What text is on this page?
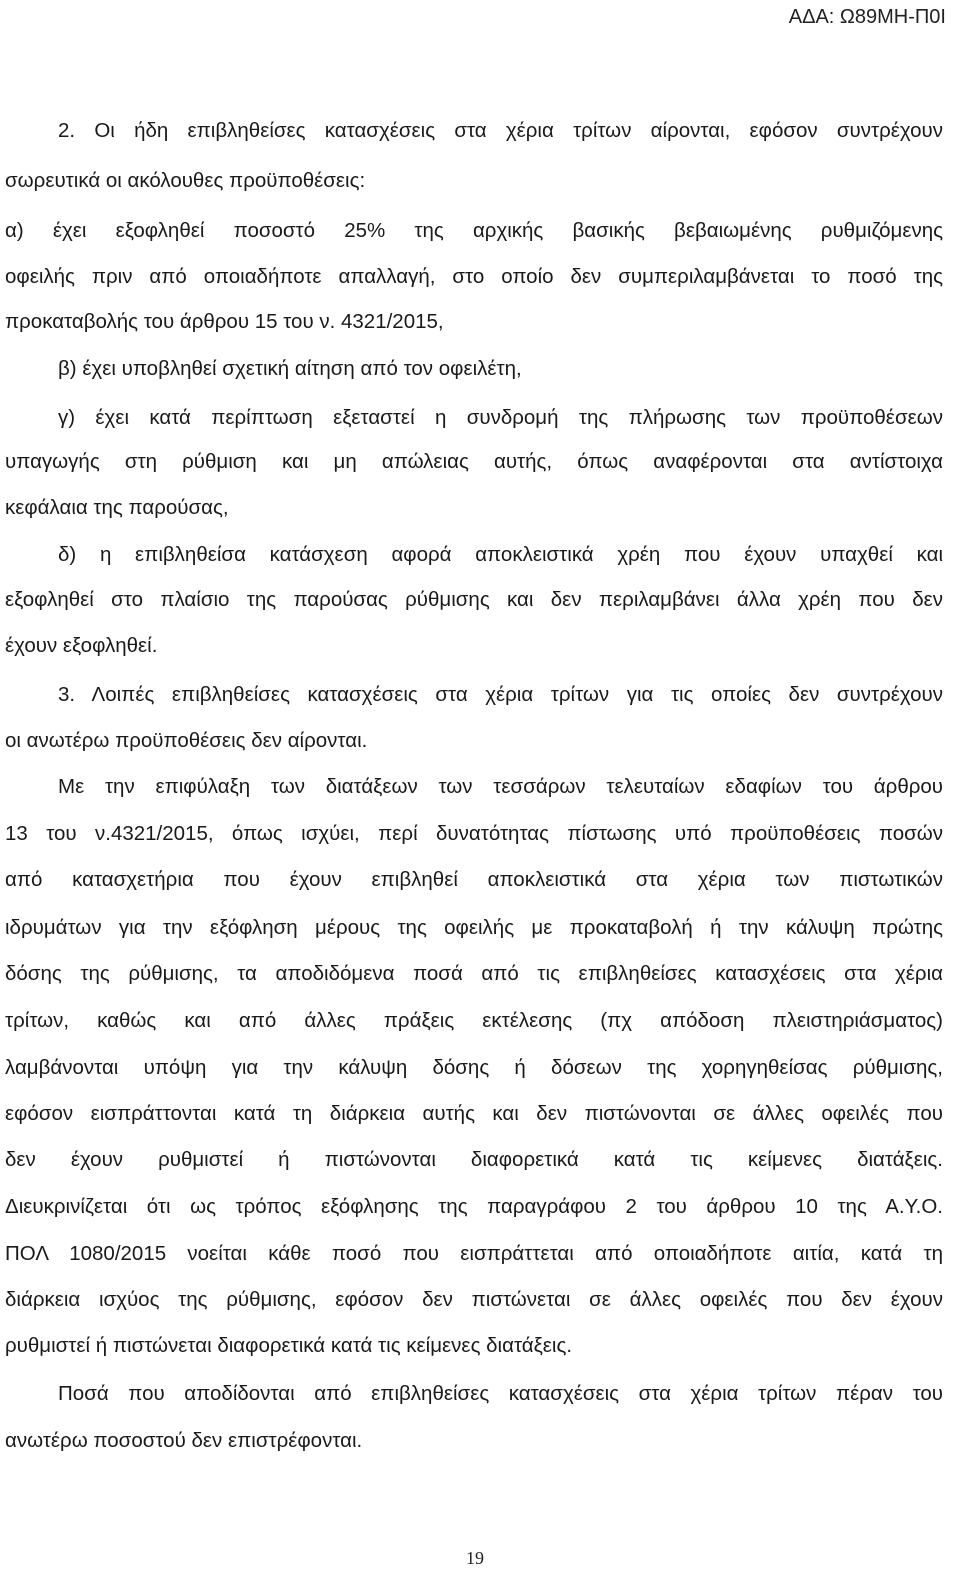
ΑΔΑ: Ω89ΜΗ-Π0Ι
2. Οι ήδη επιβληθείσες κατασχέσεις στα χέρια τρίτων αίρονται, εφόσον συντρέχουν
σωρευτικά οι ακόλουθες προϋποθέσεις:
α) έχει εξοφληθεί ποσοστό 25% της αρχικής βασικής βεβαιωμένης ρυθμιζόμενης
οφειλής πριν από οποιαδήποτε απαλλαγή, στο οποίο δεν συμπεριλαμβάνεται το ποσό της
προκαταβολής του άρθρου 15 του ν. 4321/2015,
β) έχει υποβληθεί σχετική αίτηση από τον οφειλέτη,
γ) έχει κατά περίπτωση εξεταστεί η συνδρομή της πλήρωσης των προϋποθέσεων
υπαγωγής στη ρύθμιση και μη απώλειας αυτής, όπως αναφέρονται στα αντίστοιχα
κεφάλαια της παρούσας,
δ) η επιβληθείσα κατάσχεση αφορά αποκλειστικά χρέη που έχουν υπαχθεί και
εξοφληθεί στο πλαίσιο της παρούσας ρύθμισης και δεν περιλαμβάνει άλλα χρέη που δεν
έχουν εξοφληθεί.
3. Λοιπές επιβληθείσες κατασχέσεις στα χέρια τρίτων για τις οποίες δεν συντρέχουν
οι ανωτέρω προϋποθέσεις δεν αίρονται.
Με την επιφύλαξη των διατάξεων των τεσσάρων τελευταίων εδαφίων του άρθρου
13 του ν.4321/2015, όπως ισχύει, περί δυνατότητας πίστωσης υπό προϋποθέσεις ποσών
από κατασχετήρια που έχουν επιβληθεί αποκλειστικά στα χέρια των πιστωτικών
ιδρυμάτων για την εξόφληση μέρους της οφειλής με προκαταβολή ή την κάλυψη πρώτης
δόσης της ρύθμισης, τα αποδιδόμενα ποσά από τις επιβληθείσες κατασχέσεις στα χέρια
τρίτων, καθώς και από άλλες πράξεις εκτέλεσης (πχ απόδοση πλειστηριάσματος)
λαμβάνονται υπόψη για την κάλυψη δόσης ή δόσεων της χορηγηθείσας ρύθμισης,
εφόσον εισπράττονται κατά τη διάρκεια αυτής και δεν πιστώνονται σε άλλες οφειλές που
δεν έχουν ρυθμιστεί ή πιστώνονται διαφορετικά κατά τις κείμενες διατάξεις.
Διευκρινίζεται ότι ως τρόπος εξόφλησης της παραγράφου 2 του άρθρου 10 της Α.Υ.Ο.
ΠΟΛ 1080/2015 νοείται κάθε ποσό που εισπράττεται από οποιαδήποτε αιτία, κατά τη
διάρκεια ισχύος της ρύθμισης, εφόσον δεν πιστώνεται σε άλλες οφειλές που δεν έχουν
ρυθμιστεί ή πιστώνεται διαφορετικά κατά τις κείμενες διατάξεις.
Ποσά που αποδίδονται από επιβληθείσες κατασχέσεις στα χέρια τρίτων πέραν του
ανωτέρω ποσοστού δεν επιστρέφονται.
19
